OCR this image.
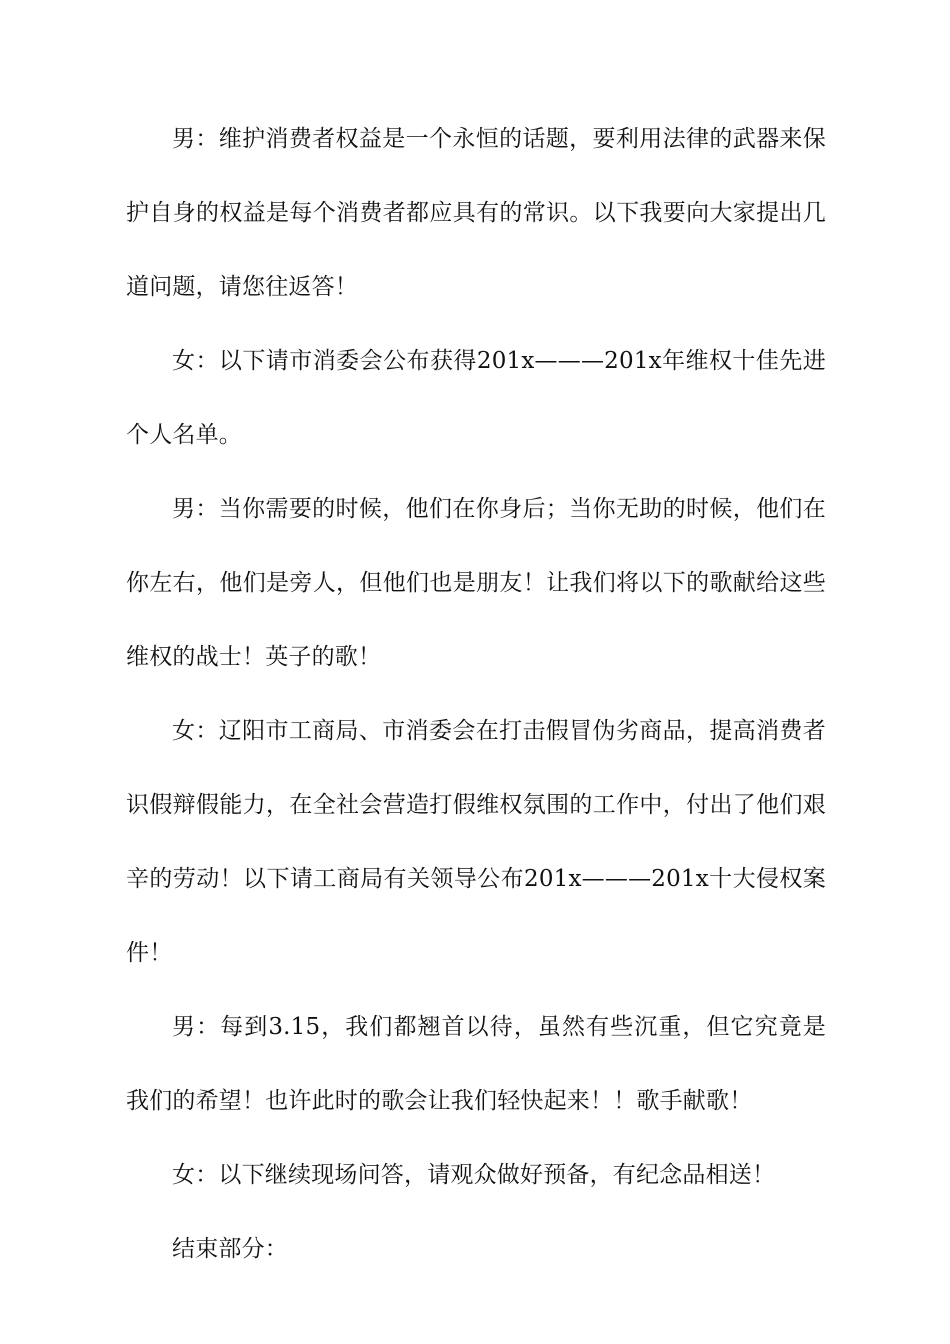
男：维护消费者权益是一个永恒的话题，要利用法律的武器来保护自身的权益是每个消费者都应具有的常识。以下我要向大家提出几道问题，请您往返答！

女：以下请市消委会公布获得201x———201x年维权十佳先进个人名单。

男：当你需要的时候，他们在你身后；当你无助的时候，他们在你左右，他们是旁人，但他们也是朋友！让我们将以下的歌献给这些维权的战士！英子的歌！

女：辽阳市工商局、市消委会在打击假冒伪劣商品，提高消费者识假辩假能力，在全社会营造打假维权氛围的工作中，付出了他们艰辛的劳动！以下请工商局有关领导公布201x———201x十大侵权案件！

男：每到3.15，我们都翘首以待，虽然有些沉重，但它究竟是我们的希望！也许此时的歌会让我们轻快起来！！歌手献歌！

女：以下继续现场问答，请观众做好预备，有纪念品相送！

结束部分：
